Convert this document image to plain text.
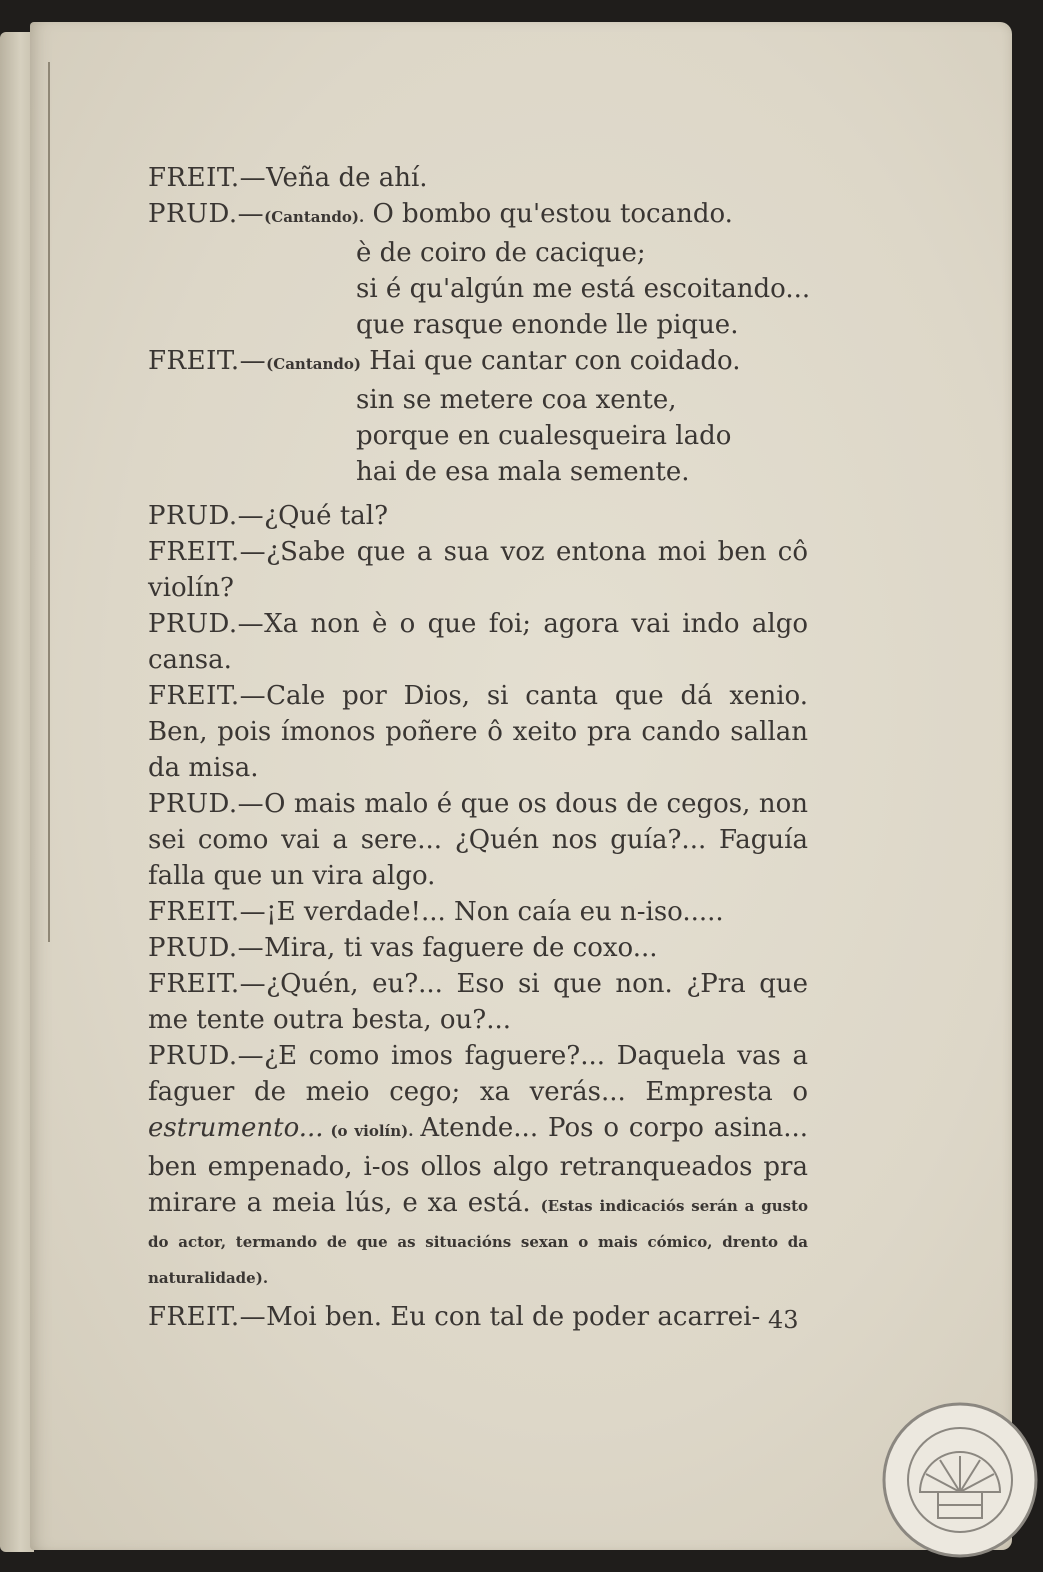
FREIT.—Veña de ahí.
PRUD.—(Cantando). O bombo qu'estou tocando.
è de coiro de cacique;
si é qu'algún me está escoitando...
que rasque enonde lle pique.
FREIT.—(Cantando) Hai que cantar con coidado.
sin se metere coa xente,
porque en cualesqueira lado
hai de esa mala semente.
PRUD.—¿Qué tal?
FREIT.—¿Sabe que a sua voz entona moi ben cô violín?
PRUD.—Xa non è o que foi; agora vai indo algo cansa.
FREIT.—Cale por Dios, si canta que dá xenio. Ben, pois ímonos poñere ô xeito pra cando sallan da misa.
PRUD.—O mais malo é que os dous de cegos, non sei como vai a sere... ¿Quén nos guía?... Faguía falla que un vira algo.
FREIT.—¡E verdade!... Non caía eu n-iso.....
PRUD.—Mira, ti vas faguere de coxo...
FREIT.—¿Quén, eu?... Eso si que non. ¿Pra que me tente outra besta, ou?...
PRUD.—¿E como imos faguere?... Daquela vas a faguer de meio cego; xa verás... Empresta o estrumento... (o violín). Atende... Pos o corpo asina... ben empenado, i-os ollos algo retranqueados pra mirare a meia lús, e xa está. (Estas indicaciós serán a gusto do actor, termando de que as situacións sexan o mais cómico, drento da naturalidade).
FREIT.—Moi ben. Eu con tal de poder acarrei- 43
